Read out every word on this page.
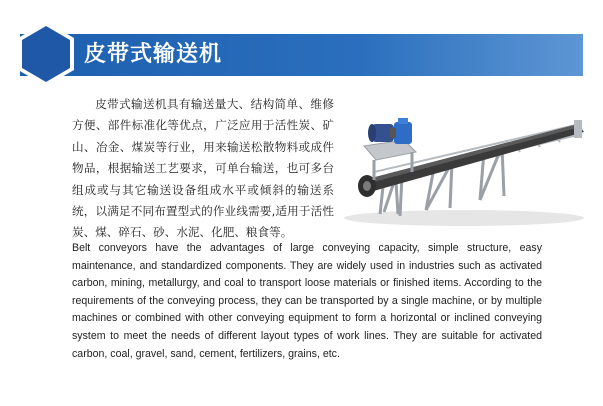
皮带式输送机
皮带式输送机具有输送量大、结构简单、维修方便、部件标准化等优点，广泛应用于活性炭、矿山、冶金、煤炭等行业，用来输送松散物料或成件物品，根据输送工艺要求，可单台输送，也可多台组成或与其它输送设备组成水平或倾斜的输送系统，以满足不同布置型式的作业线需要,适用于活性炭、煤、碎石、砂、水泥、化肥、粮食等。
Belt conveyors have the advantages of large conveying capacity, simple structure, easy maintenance, and standardized components. They are widely used in industries such as activated carbon, mining, metallurgy, and coal to transport loose materials or finished items. According to the requirements of the conveying process, they can be transported by a single machine, or by multiple machines or combined with other conveying equipment to form a horizontal or inclined conveying system to meet the needs of different layout types of work lines. They are suitable for activated carbon, coal, gravel, sand, cement, fertilizers, grains, etc.
